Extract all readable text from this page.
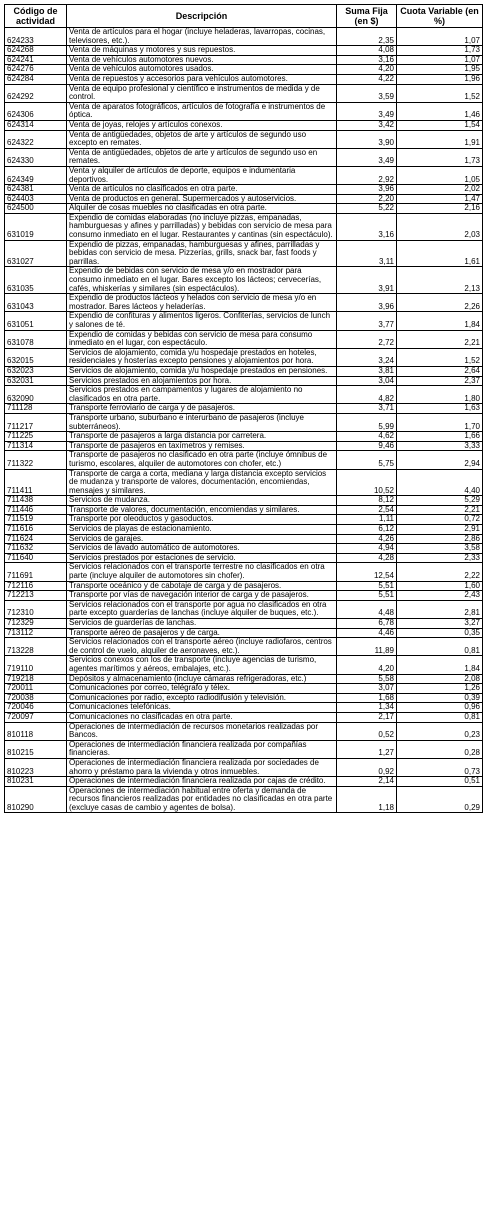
Código de actividad	Descripción	Suma Fija (en $)	Cuota Variable (en %)
624233	Venta de artículos para el hogar (incluye heladeras, lavarropas, cocinas, televisores, etc.).	2,35	1,07
624268	Venta de máquinas y motores y sus repuestos.	4,08	1,73
624241	Venta de vehículos automotores nuevos.	3,16	1,07
624276	Venta de vehículos automotores usados.	4,20	1,95
624284	Venta de repuestos y accesorios para vehículos automotores.	4,22	1,96
624292	Venta de equipo profesional y científico e instrumentos de medida y de control.	3,59	1,52
624306	Venta de aparatos fotográficos, artículos de fotografía e instrumentos de óptica.	3,49	1,46
624314	Venta de joyas, relojes y artículos conexos.	3,42	1,54
624322	Venta de antigüedades, objetos de arte y artículos de segundo uso excepto en remates.	3,90	1,91
624330	Venta de antigüedades, objetos de arte y artículos de segundo uso en remates.	3,49	1,73
624349	Venta y alquiler de artículos de deporte, equipos e indumentaria deportivos.	2,92	1,05
624381	Venta de artículos no clasificados en otra parte.	3,96	2,02
624403	Venta de productos en general. Supermercados y autoservicios.	2,20	1,47
624500	Alquiler de cosas muebles no clasificadas en otra parte.	5,22	2,16
631019	Expendio de comidas elaboradas (no incluye pizzas, empanadas, hamburguesas y afines y parrilladas) y bebidas con servicio de mesa para consumo inmediato en el lugar. Restaurantes y cantinas (sin espectáculo).	3,16	2,03
631027	Expendio de pizzas, empanadas, hamburguesas y afines, parrilladas y bebidas con servicio de mesa. Pizzerías, grills, snack bar, fast foods y parrillas.	3,11	1,61
631035	Expendio de bebidas con servicio de mesa y/o en mostrador para consumo inmediato en el lugar. Bares excepto los lácteos; cervecerías, cafés, whiskerías y similares (sin espectáculos).	3,91	2,13
631043	Expendio de productos lácteos y helados con servicio de mesa y/o en mostrador. Bares lácteos y heladerías.	3,96	2,26
631051	Expendio de confituras y alimentos ligeros. Confiterías, servicios de lunch y salones de té.	3,77	1,84
631078	Expendio de comidas y bebidas con servicio de mesa para consumo inmediato en el lugar, con espectáculo.	2,72	2,21
632015	Servicios de alojamiento, comida y/u hospedaje prestados en hoteles, residenciales y hosterías excepto pensiones y alojamientos por hora.	3,24	1,52
632023	Servicios de alojamiento, comida y/u hospedaje prestados en pensiones.	3,81	2,64
632031	Servicios prestados en alojamientos por hora.	3,04	2,37
632090	Servicios prestados en campamentos y lugares de alojamiento no clasificados en otra parte.	4,82	1,80
711128	Transporte ferroviario de carga y de pasajeros.	3,71	1,63
711217	Transporte urbano, suburbano e interurbano de pasajeros (incluye subterráneos).	5,99	1,70
711225	Transporte de pasajeros a larga distancia por carretera.	4,62	1,66
711314	Transporte de pasajeros en taxímetros y remises.	9,46	3,33
711322	Transporte de pasajeros no clasificado en otra parte (incluye ómnibus de turismo, escolares, alquiler de automotores con chofer, etc.)	5,75	2,94
711411	Transporte de carga a corta, mediana y larga distancia excepto servicios de mudanza y transporte de valores, documentación, encomiendas, mensajes y similares.	10,52	4,40
711438	Servicios de mudanza.	8,12	5,29
711446	Transporte de valores, documentación, encomiendas y similares.	2,54	2,21
711519	Transporte por oleoductos y gasoductos.	1,11	0,72
711616	Servicios de playas de estacionamiento.	6,12	2,91
711624	Servicios de garajes.	4,26	2,86
711632	Servicios de lavado automático de automotores.	4,94	3,58
711640	Servicios prestados por estaciones de servicio.	4,28	2,33
711691	Servicios relacionados con el transporte terrestre no clasificados en otra parte (incluye alquiler de automotores sin chofer).	12,54	2,22
712116	Transporte oceánico y de cabotaje de carga y de pasajeros.	5,51	1,60
712213	Transporte por vías de navegación interior de carga y de pasajeros.	5,51	2,43
712310	Servicios relacionados con el transporte por agua no clasificados en otra parte excepto guarderías de lanchas (incluye alquiler de buques, etc.).	4,48	2,81
712329	Servicios de guarderías de lanchas.	6,78	3,27
713112	Transporte aéreo de pasajeros y de carga.	4,46	0,35
713228	Servicios relacionados con el transporte aéreo (incluye radiofaros, centros de control de vuelo, alquiler de aeronaves, etc.).	11,89	0,81
719110	Servicios conexos con los de transporte (incluye agencias de turismo, agentes marítimos y aéreos, embalajes, etc.).	4,20	1,84
719218	Depósitos y almacenamiento (incluye cámaras refrigeradoras, etc.)	5,58	2,08
720011	Comunicaciones por correo, telégrafo y télex.	3,07	1,26
720038	Comunicaciones por radio, excepto radiodifusión y televisión.	1,68	0,39
720046	Comunicaciones telefónicas.	1,34	0,96
720097	Comunicaciones no clasificadas en otra parte.	2,17	0,81
810118	Operaciones de intermediación de recursos monetarios realizadas por Bancos.	0,52	0,23
810215	Operaciones de intermediación financiera realizada por compañías financieras.	1,27	0,28
810223	Operaciones de intermediación financiera realizada por sociedades de ahorro y préstamo para la vivienda y otros inmuebles.	0,92	0,73
810231	Operaciones de intermediación financiera realizada por cajas de crédito.	2,14	0,51
810290	Operaciones de intermediación habitual entre oferta y demanda de recursos financieros realizadas por entidades no clasificadas en otra parte (excluye casas de cambio y agentes de bolsa).	1,18	0,29
